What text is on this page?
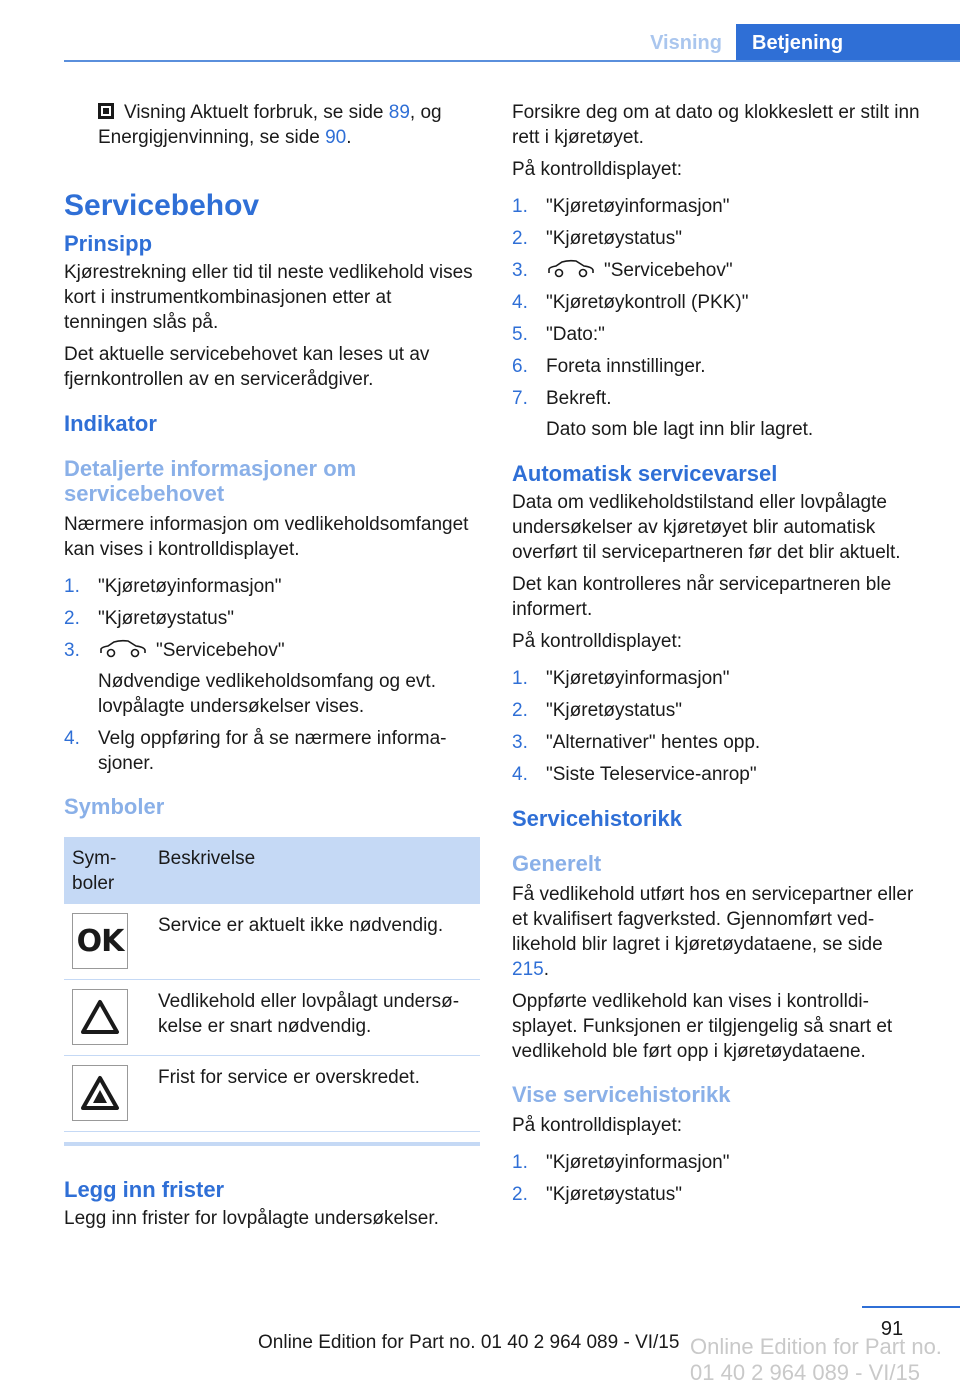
Visning	Betjening

Visning Aktuelt forbruk, se side 89, og Energigjenvinning, se side 90.

Servicebehov
Prinsipp

Kjørestrekning eller tid til neste vedlikehold vises kort i instrumentkombinasjonen etter at tenningen slås på.

Det aktuelle servicebehovet kan leses ut av fjernkontrollen av en servicerådgiver.

Indikator
Detaljerte informasjoner om servicebehovet

Nærmere informasjon om vedlikeholdsomfanget kan vises i kontrolldisplayet.

1. "Kjøretøyinformasjon"
2. "Kjøretøystatus"
3.	"Servicebehov"
Nødvendige vedlikeholdsomfang og evt. lovpålagte undersøkelser vises.
4. Velg oppføring for å se nærmere informasjoner.
Symboler
Symboler	Beskrivelse

OK	Service er aktuelt ikke nødvendig.

	Vedlikehold eller lovpålagt undersøkelse er snart nødvendig.

	Frist for service er overskredet.
Legg inn frister

Legg inn frister for lovpålagte undersøkelser.

Forsikre deg om at dato og klokkeslett er stilt inn rett i kjøretøyet.

På kontrolldisplayet:

1. "Kjøretøyinformasjon"
2. "Kjøretøystatus"
3.	"Servicebehov"
4. "Kjøretøykontroll (PKK)"
5. "Dato:"
6. Foreta innstillinger.
7. Bekreft.
Dato som ble lagt inn blir lagret.
Automatisk servicevarsel

Data om vedlikeholdstilstand eller lovpålagte undersøkelser av kjøretøyet blir automatisk overført til servicepartneren før det blir aktuelt.

Det kan kontrolleres når servicepartneren ble informert.

På kontrolldisplayet:

1. "Kjøretøyinformasjon"
2. "Kjøretøystatus"
3. "Alternativer" hentes opp.
4. "Siste Teleservice-anrop"
Servicehistorikk
Generelt

Få vedlikehold utført hos en servicepartner eller et kvalifisert fagverksted. Gjennomført vedlikehold blir lagret i kjøretøydataene, se side 215.

Oppførte vedlikehold kan vises i kontrolldisplayet. Funksjonen er tilgjengelig så snart et vedlikehold ble ført opp i kjøretøydataene.

Vise servicehistorikk

På kontrolldisplayet:

1. "Kjøretøyinformasjon"
2. "Kjøretøystatus"
91
Online Edition for Part no. 01 40 2 964 089 - VI/15 Online Edition for Part no. 01 40 2 964 089 - VI/15
